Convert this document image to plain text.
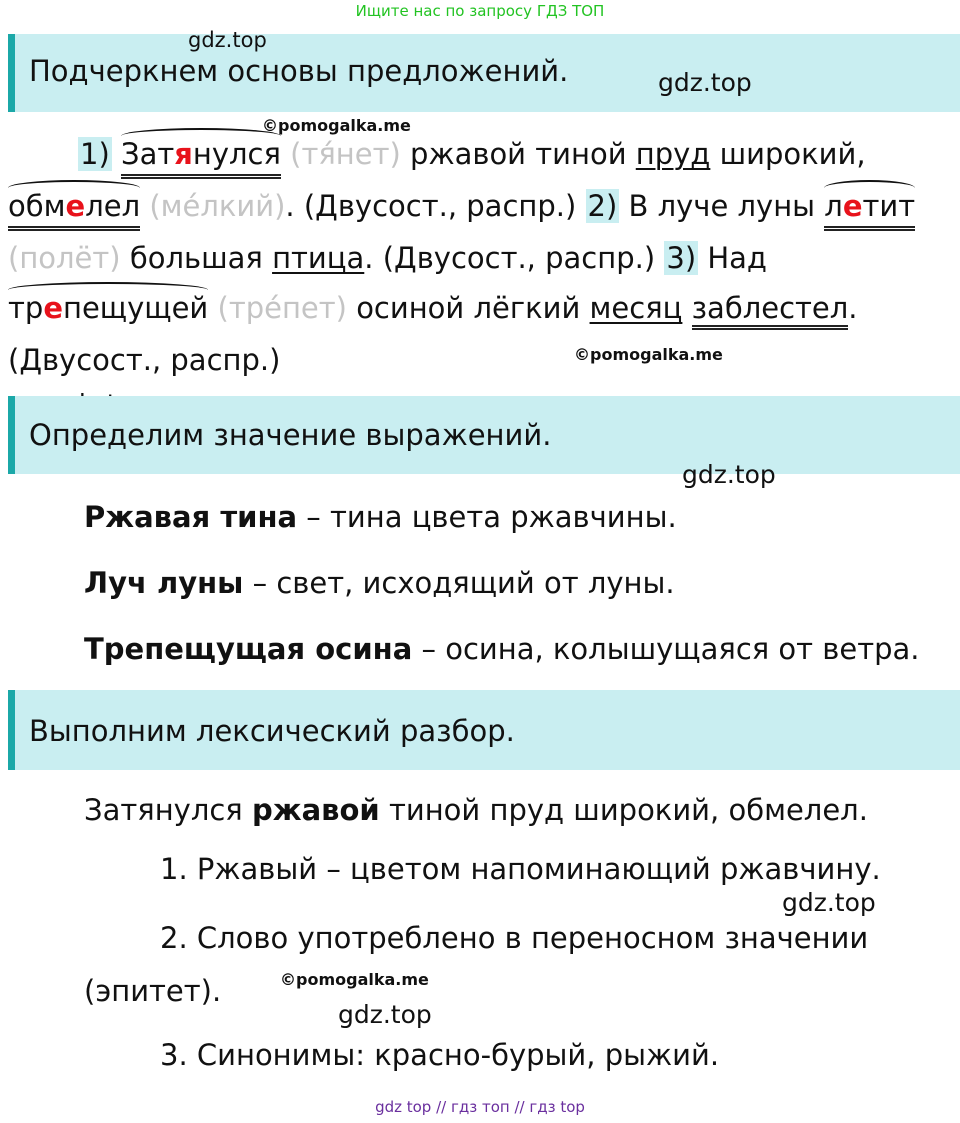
Ищите нас по запросу ГДЗ ТОП
Подчеркнем основы предложений.
gdz.top
gdz.top
©pomogalka.me
1) Затянулся (тя́нет) ржавой тиной пруд широкий,
обмелел (ме́лкий). (Двусост., распр.) 2) В луче луны летит
(полёт) большая птица. (Двусост., распр.) 3) Над
трепещущей (тре́пет) осиной лёгкий месяц заблестел.
(Двусост., распр.)	©pomogalka.me
Определим значение выражений.
gdz.top
Ржавая тина – тина цвета ржавчины.
Луч луны – свет, исходящий от луны.
Трепещущая осина – осина, колышущаяся от ветра.
Выполним лексический разбор.
Затянулся ржавой тиной пруд широкий, обмелел.
1. Ржавый – цветом напоминающий ржавчину.
gdz.top
2. Слово употреблено в переносном значении
(эпитет).	©pomogalka.me
gdz.top
3. Синонимы: красно-бурый, рыжий.
gdz top // гдз топ // гдз top
